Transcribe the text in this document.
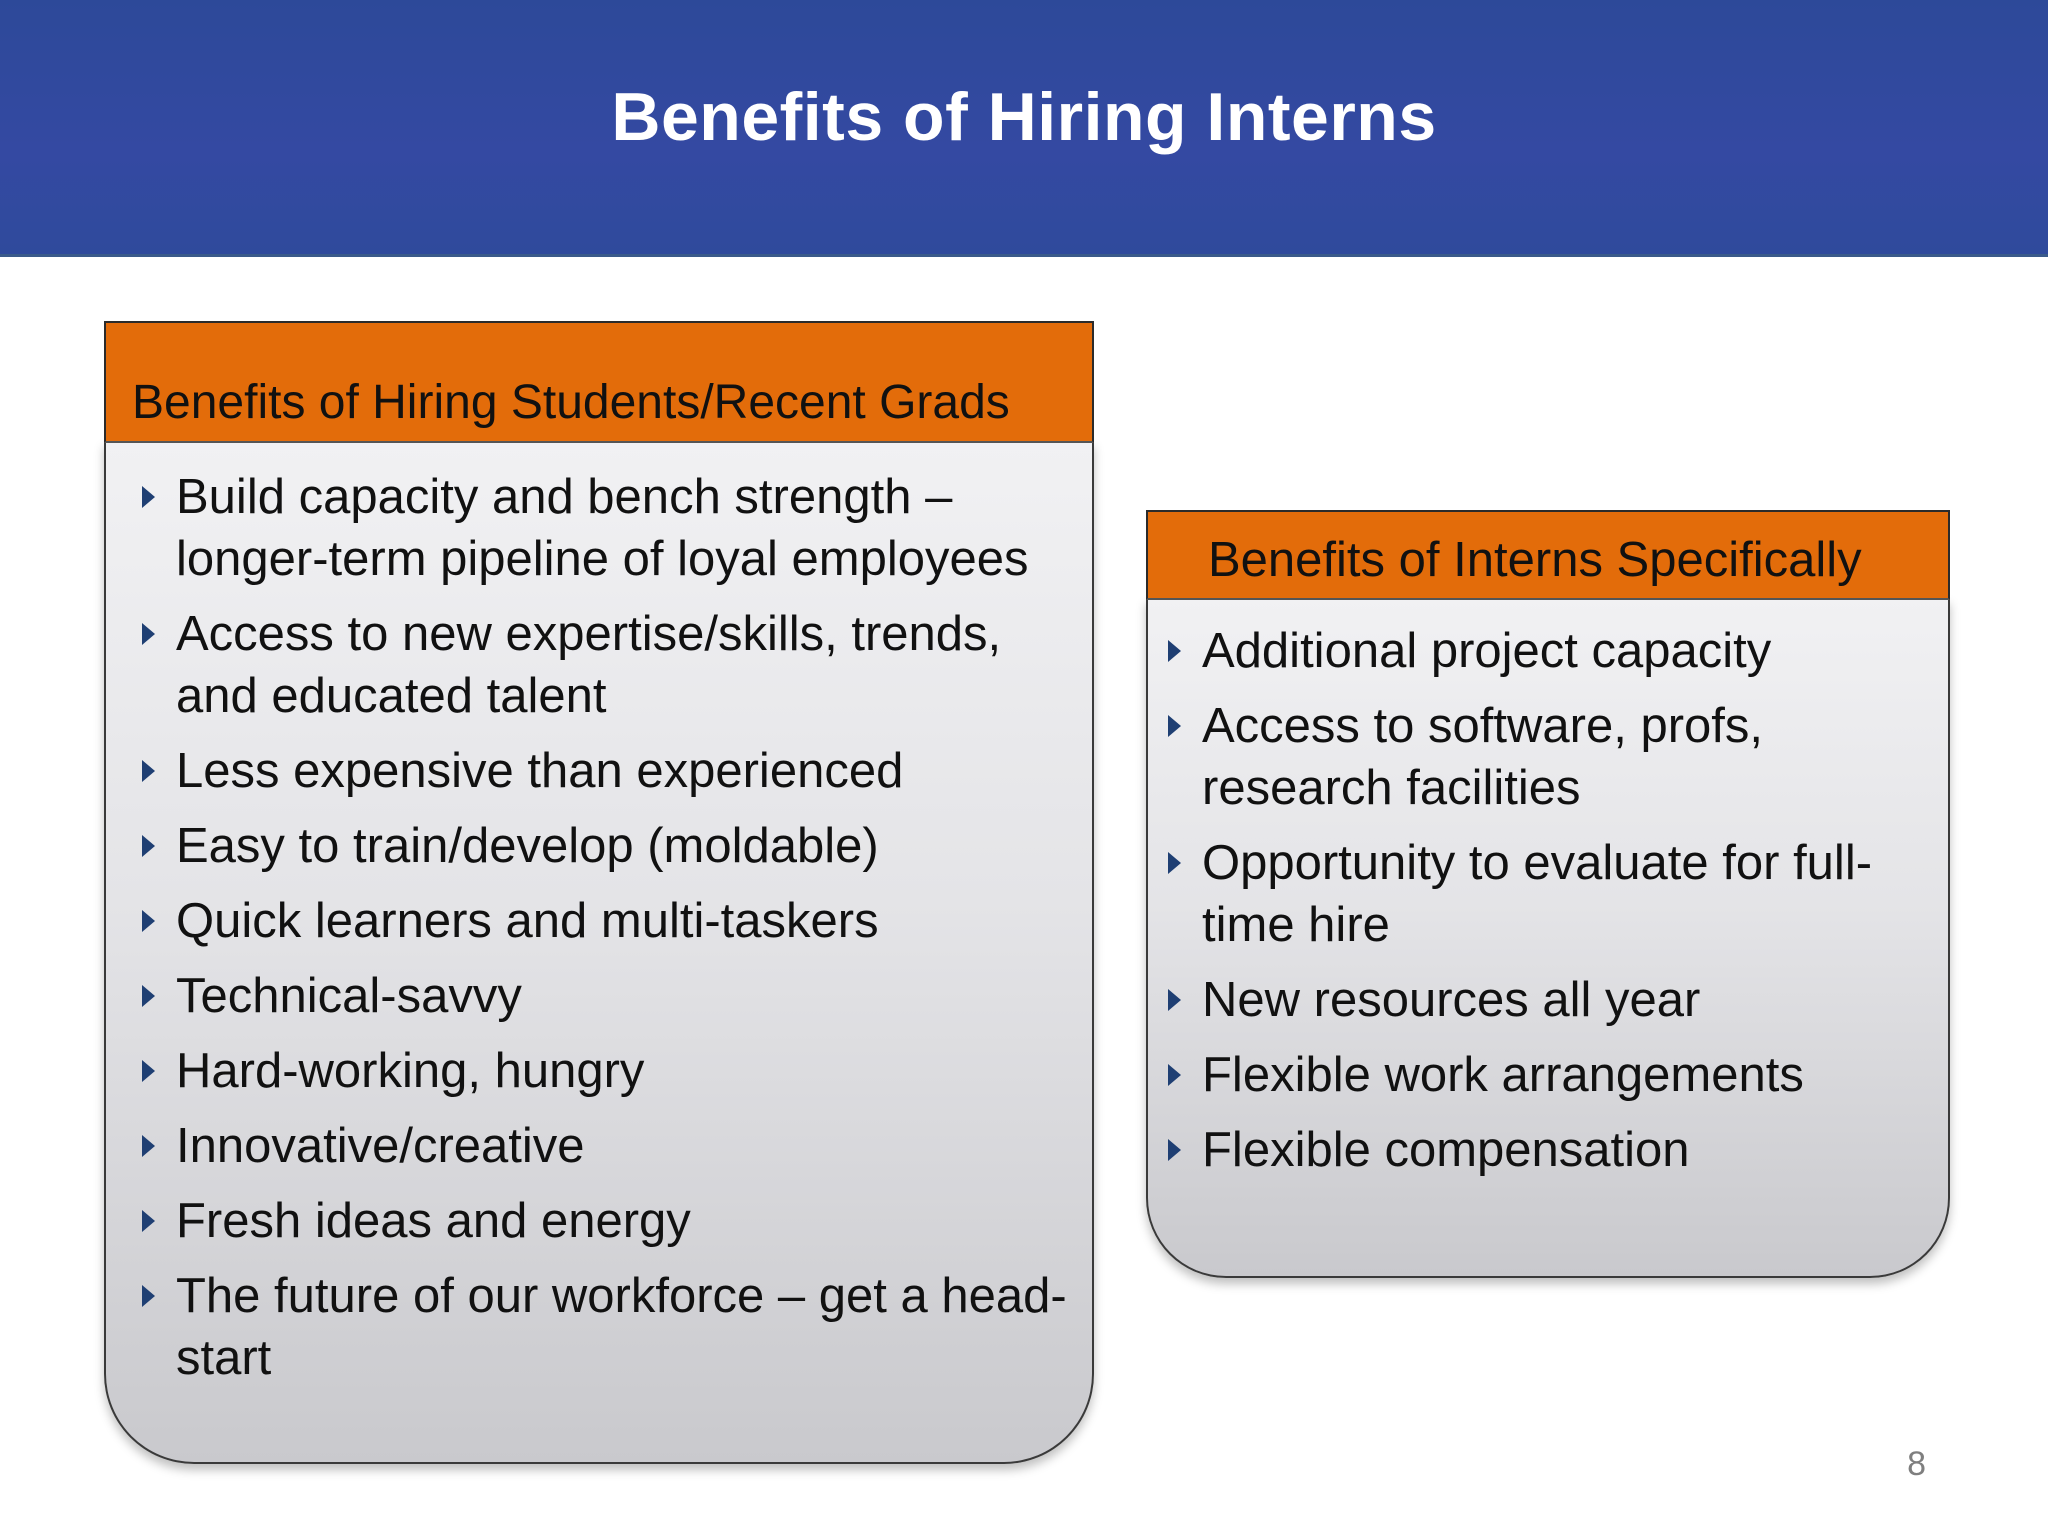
Benefits of Hiring Interns
Benefits of Hiring Students/Recent Grads
Build capacity and bench strength – longer-term pipeline of loyal employees
Access to new expertise/skills, trends, and educated talent
Less expensive than experienced
Easy to train/develop (moldable)
Quick learners and multi-taskers
Technical-savvy
Hard-working, hungry
Innovative/creative
Fresh ideas and energy
The future of our workforce – get a head-start
Benefits of Interns Specifically
Additional project capacity
Access to software, profs, research facilities
Opportunity to evaluate for full-time hire
New resources all year
Flexible work arrangements
Flexible compensation
8
